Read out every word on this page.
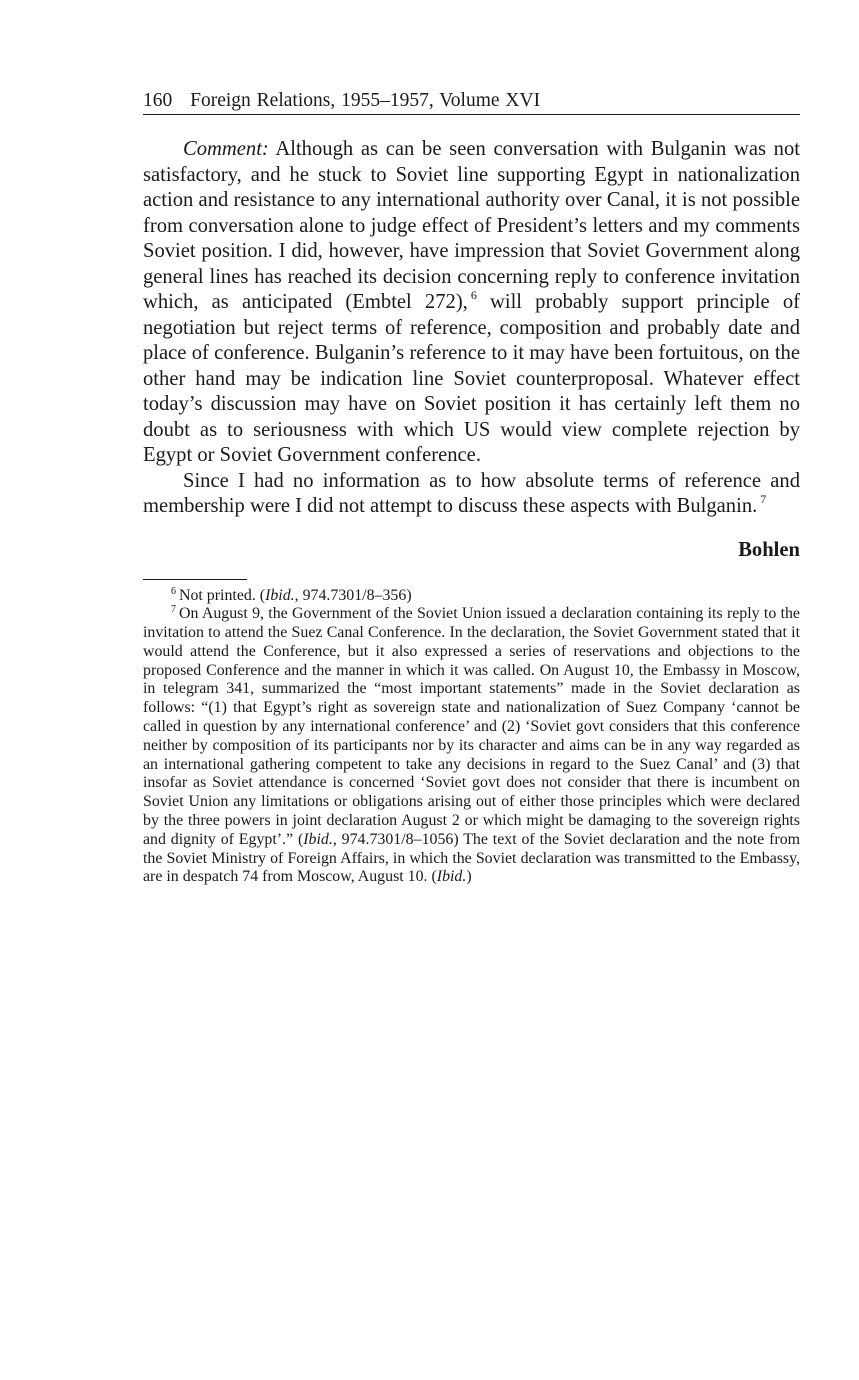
160 Foreign Relations, 1955–1957, Volume XVI

Comment: Although as can be seen conversation with Bulganin was not satisfactory, and he stuck to Soviet line supporting Egypt in nationalization action and resistance to any international authority over Canal, it is not possible from conversation alone to judge effect of President’s letters and my comments Soviet position. I did, however, have impression that Soviet Government along general lines has reached its decision concerning reply to conference invitation which, as anticipated (Embtel 272), $^6$ will probably support principle of negotiation but reject terms of reference, composition and probably date and place of conference. Bulganin’s reference to it may have been fortuitous, on the other hand may be indication line Soviet counterproposal. Whatever effect today’s discussion may have on Soviet position it has certainly left them no doubt as to seriousness with which US would view complete rejection by Egypt or Soviet Government conference.

Since I had no information as to how absolute terms of reference and membership were I did not attempt to discuss these aspects with Bulganin. $^7$

Bohlen

$^6$ Not printed. (Ibid., 974.7301/8–356)

$^7$ On August 9, the Government of the Soviet Union issued a declaration containing its reply to the invitation to attend the Suez Canal Conference. In the declaration, the Soviet Government stated that it would attend the Conference, but it also expressed a series of reservations and objections to the proposed Conference and the manner in which it was called. On August 10, the Embassy in Moscow, in telegram 341, summarized the “most important statements” made in the Soviet declaration as follows: “(1) that Egypt’s right as sovereign state and nationalization of Suez Company ‘cannot be called in question by any international conference’ and (2) ‘Soviet govt considers that this conference neither by composition of its participants nor by its character and aims can be in any way regarded as an international gathering competent to take any decisions in regard to the Suez Canal’ and (3) that insofar as Soviet attendance is concerned ‘Soviet govt does not consider that there is incumbent on Soviet Union any limitations or obligations arising out of either those principles which were declared by the three powers in joint declaration August 2 or which might be damaging to the sovereign rights and dignity of Egypt’.” (Ibid., 974.7301/8–1056) The text of the Soviet declaration and the note from the Soviet Ministry of Foreign Affairs, in which the Soviet declaration was transmitted to the Embassy, are in despatch 74 from Moscow, August 10. (Ibid.)
